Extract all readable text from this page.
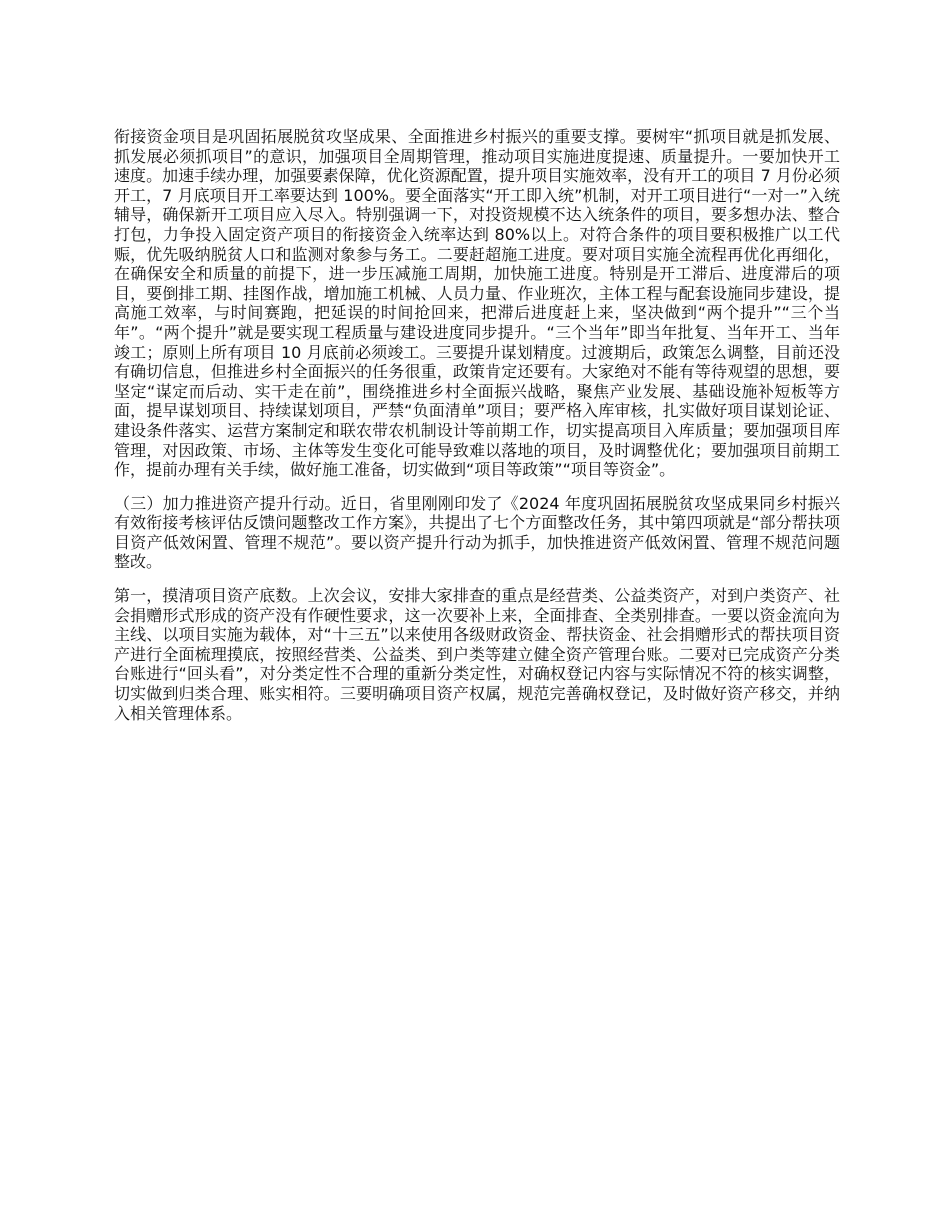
衔接资金项目是巩固拓展脱贫攻坚成果、全面推进乡村振兴的重要支撑。要树牢“抓项目就是抓发展、抓发展必须抓项目”的意识，加强项目全周期管理，推动项目实施进度提速、质量提升。一要加快开工速度。加速手续办理，加强要素保障，优化资源配置，提升项目实施效率，没有开工的项目 7 月份必须开工，7 月底项目开工率要达到 100%。要全面落实“开工即入统”机制，对开工项目进行“一对一”入统辅导，确保新开工项目应入尽入。特别强调一下，对投资规模不达入统条件的项目，要多想办法、整合打包，力争投入固定资产项目的衔接资金入统率达到 80%以上。对符合条件的项目要积极推广以工代赈，优先吸纳脱贫人口和监测对象参与务工。二要赶超施工进度。要对项目实施全流程再优化再细化，在确保安全和质量的前提下，进一步压减施工周期，加快施工进度。特别是开工滞后、进度滞后的项目，要倒排工期、挂图作战，增加施工机械、人员力量、作业班次，主体工程与配套设施同步建设，提高施工效率，与时间赛跑，把延误的时间抢回来，把滞后进度赶上来，坚决做到“两个提升”“三个当年”。“两个提升”就是要实现工程质量与建设进度同步提升。“三个当年”即当年批复、当年开工、当年竣工；原则上所有项目 10 月底前必须竣工。三要提升谋划精度。过渡期后，政策怎么调整，目前还没有确切信息，但推进乡村全面振兴的任务很重，政策肯定还要有。大家绝对不能有等待观望的思想，要坚定“谋定而后动、实干走在前”，围绕推进乡村全面振兴战略，聚焦产业发展、基础设施补短板等方面，提早谋划项目、持续谋划项目，严禁“负面清单”项目；要严格入库审核，扎实做好项目谋划论证、建设条件落实、运营方案制定和联农带农机制设计等前期工作，切实提高项目入库质量；要加强项目库管理，对因政策、市场、主体等发生变化可能导致难以落地的项目，及时调整优化；要加强项目前期工作，提前办理有关手续，做好施工准备，切实做到“项目等政策”“项目等资金”。

（三）加力推进资产提升行动。近日，省里刚刚印发了《2024 年度巩固拓展脱贫攻坚成果同乡村振兴有效衔接考核评估反馈问题整改工作方案》，共提出了七个方面整改任务，其中第四项就是“部分帮扶项目资产低效闲置、管理不规范”。要以资产提升行动为抓手，加快推进资产低效闲置、管理不规范问题整改。

第一，摸清项目资产底数。上次会议，安排大家排查的重点是经营类、公益类资产，对到户类资产、社会捐赠形式形成的资产没有作硬性要求，这一次要补上来，全面排查、全类别排查。一要以资金流向为主线、以项目实施为载体，对“十三五”以来使用各级财政资金、帮扶资金、社会捐赠形式的帮扶项目资产进行全面梳理摸底，按照经营类、公益类、到户类等建立健全资产管理台账。二要对已完成资产分类台账进行“回头看”，对分类定性不合理的重新分类定性，对确权登记内容与实际情况不符的核实调整，切实做到归类合理、账实相符。三要明确项目资产权属，规范完善确权登记，及时做好资产移交，并纳入相关管理体系。
